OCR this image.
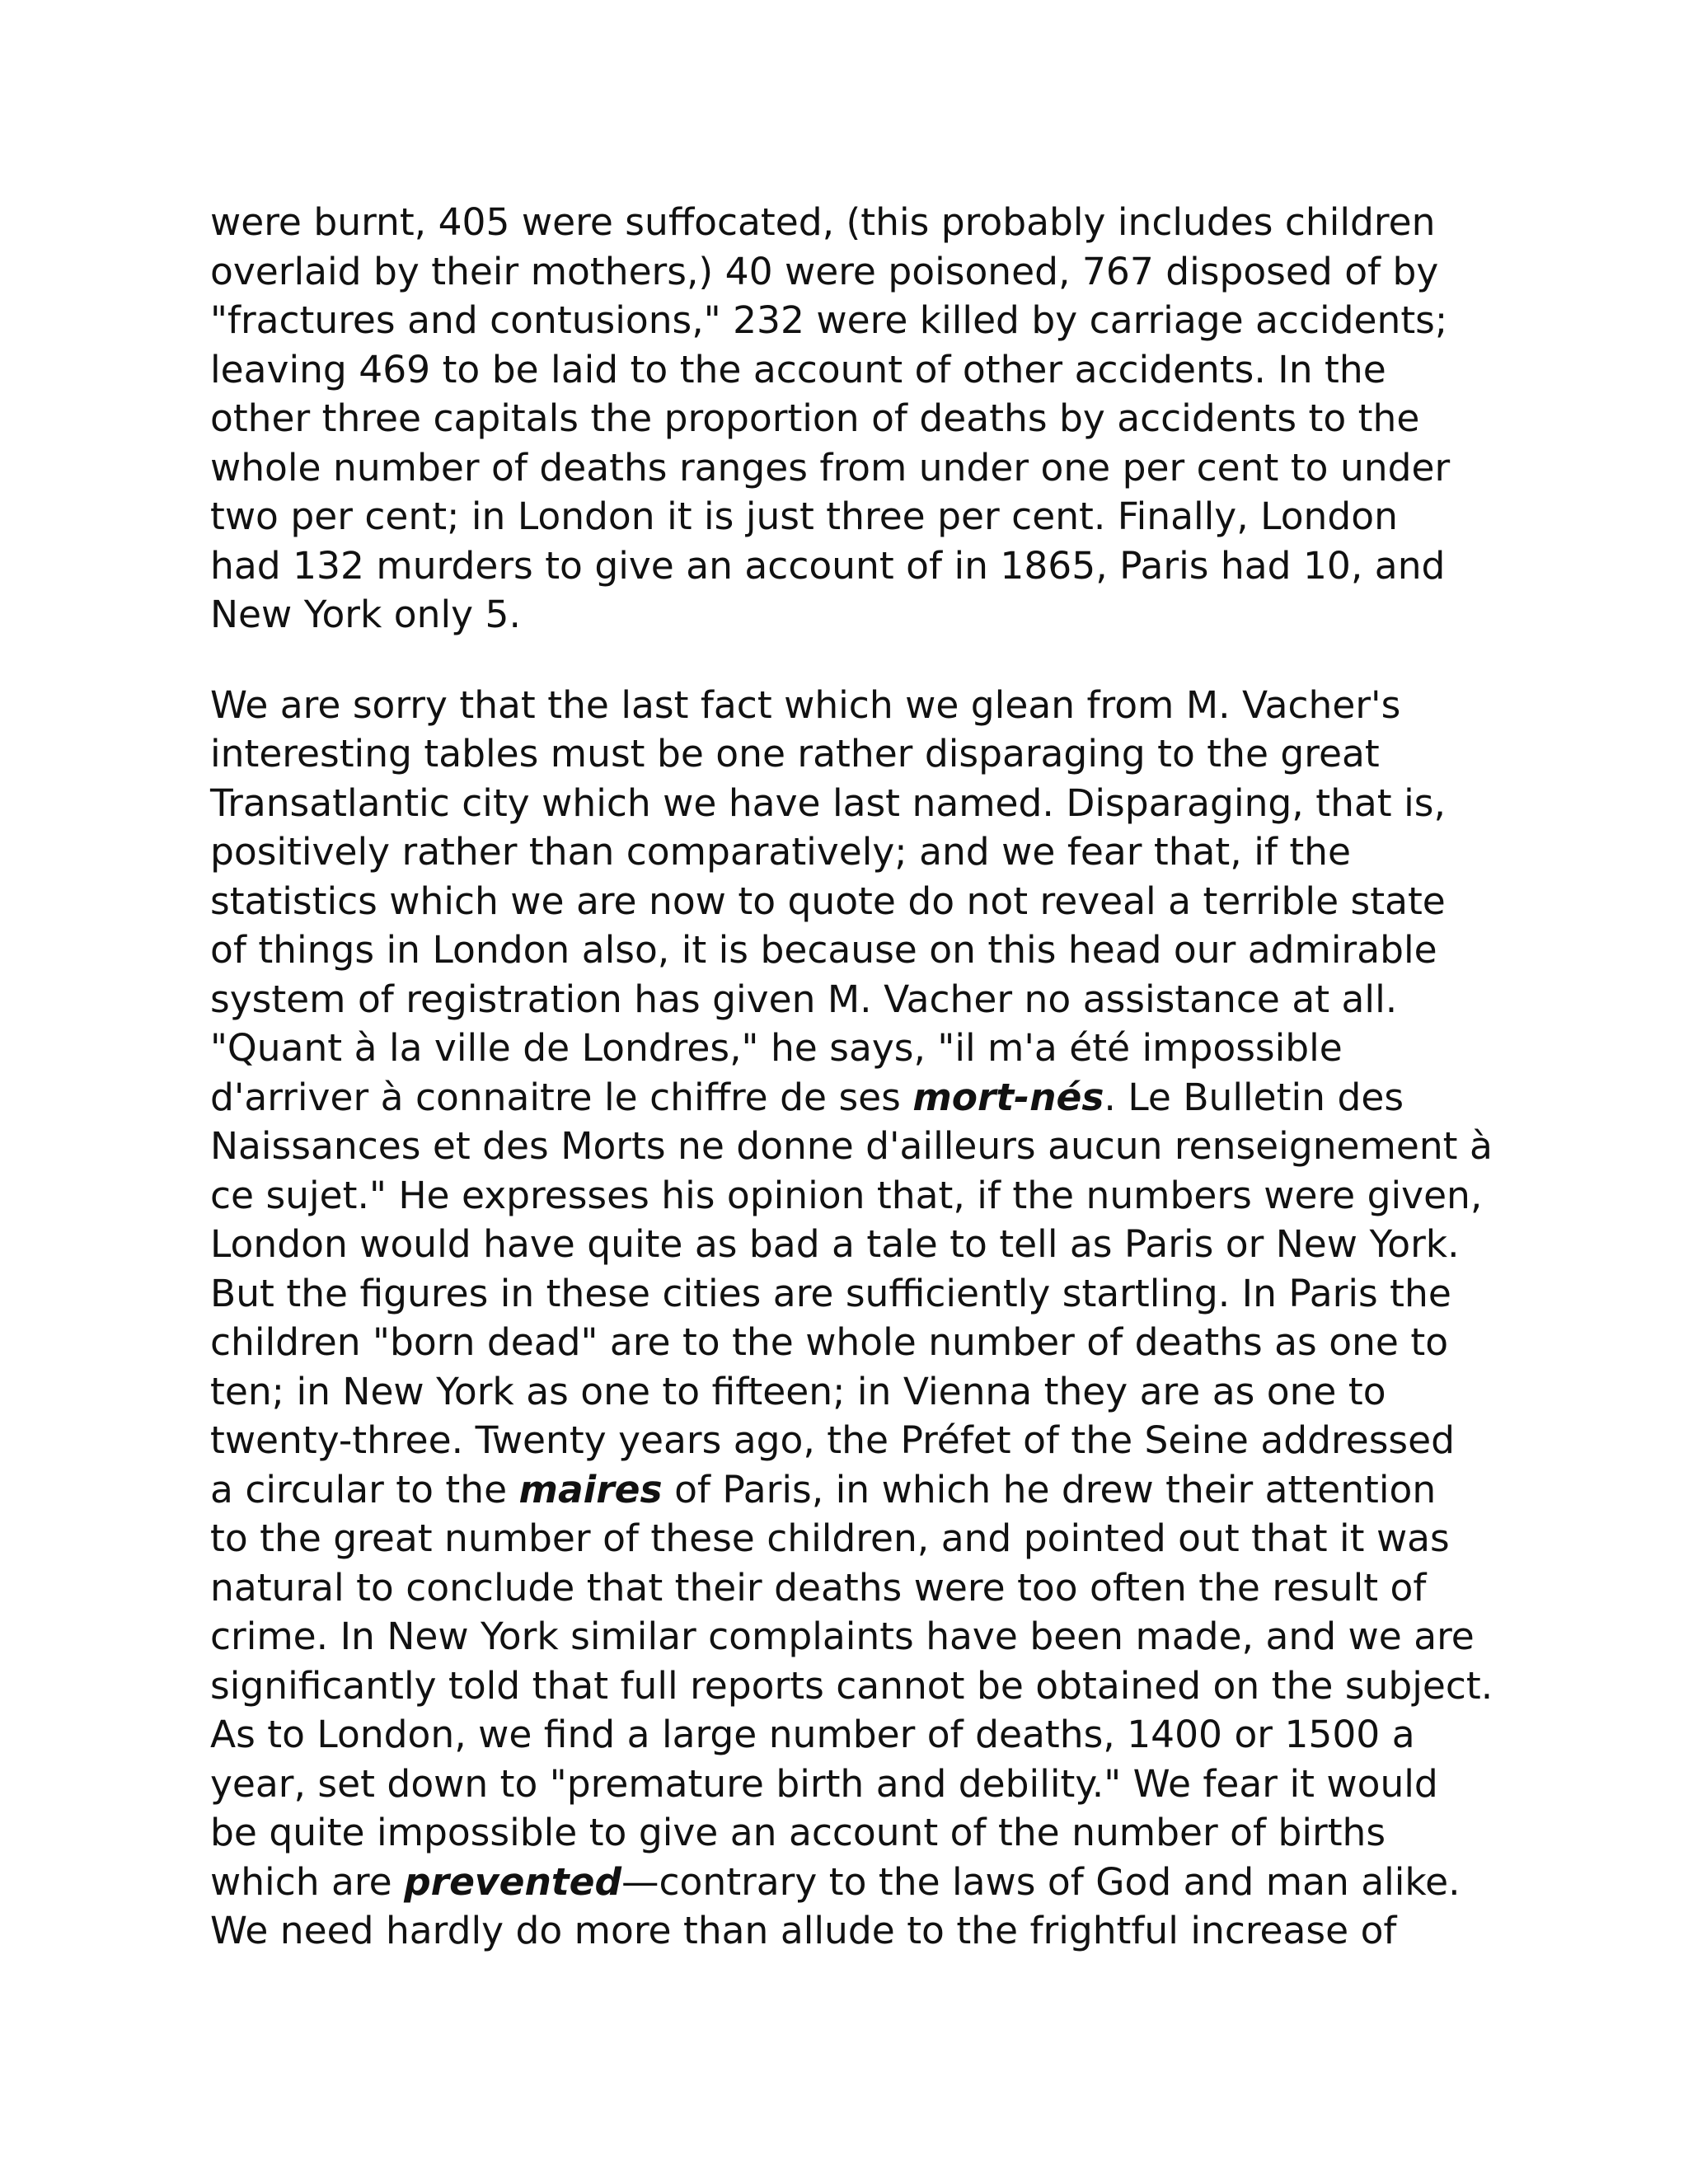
were burnt, 405 were suffocated, (this probably includes children
overlaid by their mothers,) 40 were poisoned, 767 disposed of by
"fractures and contusions," 232 were killed by carriage accidents;
leaving 469 to be laid to the account of other accidents. In the
other three capitals the proportion of deaths by accidents to the
whole number of deaths ranges from under one per cent to under
two per cent; in London it is just three per cent. Finally, London
had 132 murders to give an account of in 1865, Paris had 10, and
New York only 5.
We are sorry that the last fact which we glean from M. Vacher's
interesting tables must be one rather disparaging to the great
Transatlantic city which we have last named. Disparaging, that is,
positively rather than comparatively; and we fear that, if the
statistics which we are now to quote do not reveal a terrible state
of things in London also, it is because on this head our admirable
system of registration has given M. Vacher no assistance at all.
"Quant à la ville de Londres," he says, "il m'a été impossible
d'arriver à connaitre le chiffre de ses mort-nés. Le Bulletin des
Naissances et des Morts ne donne d'ailleurs aucun renseignement à
ce sujet." He expresses his opinion that, if the numbers were given,
London would have quite as bad a tale to tell as Paris or New York.
But the figures in these cities are sufficiently startling. In Paris the
children "born dead" are to the whole number of deaths as one to
ten; in New York as one to fifteen; in Vienna they are as one to
twenty-three. Twenty years ago, the Préfet of the Seine addressed
a circular to the maires of Paris, in which he drew their attention
to the great number of these children, and pointed out that it was
natural to conclude that their deaths were too often the result of
crime. In New York similar complaints have been made, and we are
significantly told that full reports cannot be obtained on the subject.
As to London, we find a large number of deaths, 1400 or 1500 a
year, set down to "premature birth and debility." We fear it would
be quite impossible to give an account of the number of births
which are prevented—contrary to the laws of God and man alike.
We need hardly do more than allude to the frightful increase of
